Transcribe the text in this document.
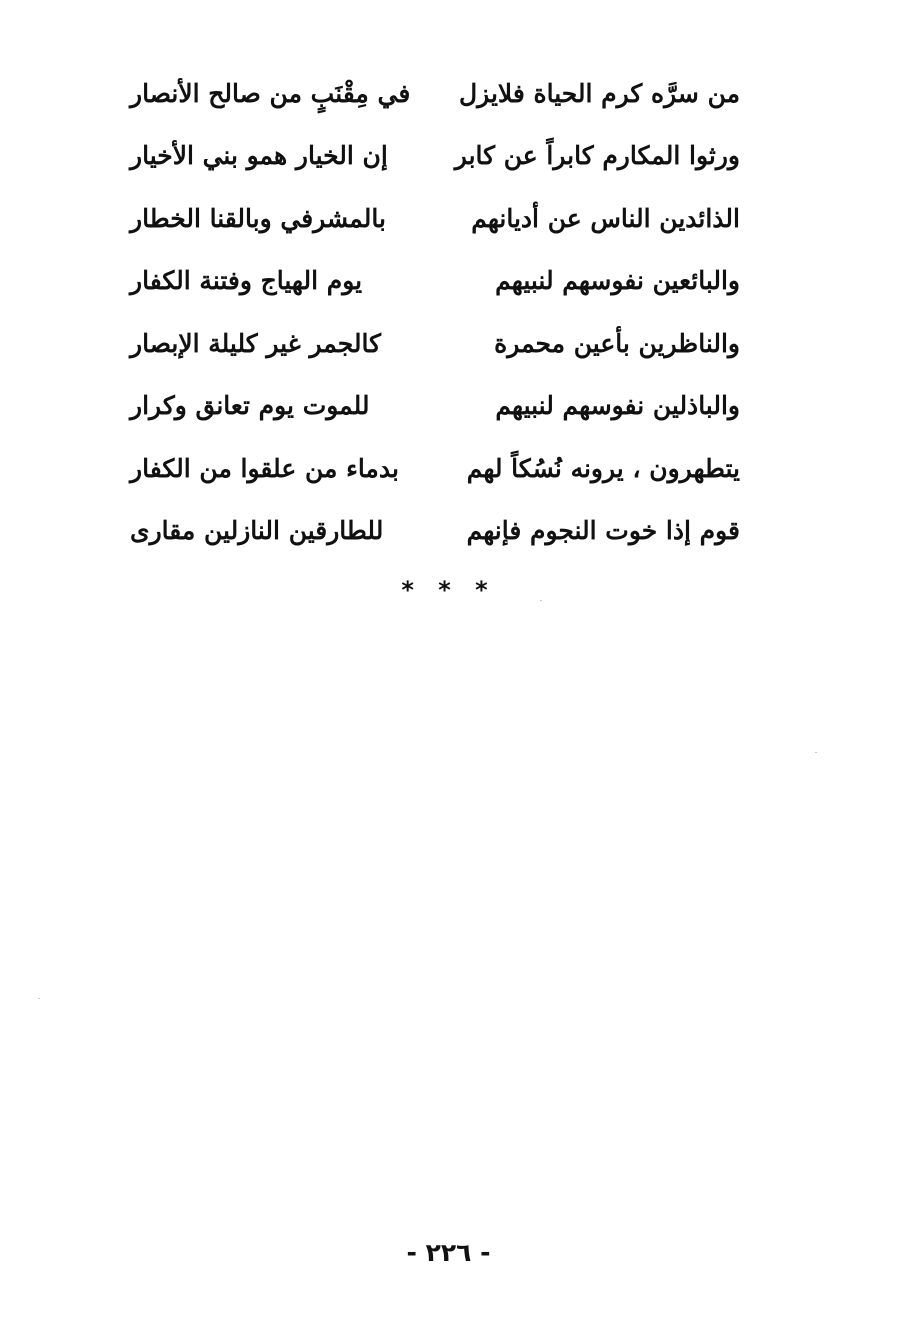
من سرَّه كرم الحياة فلايزل
في مِقْنَبٍ من صالح الأنصار
ورثوا المكارم كابراً عن كابر
إن الخيار همو بني الأخيار
الذائدين الناس عن أديانهم
بالمشرفي وبالقنا الخطار
والبائعين نفوسهم لنبيهم
يوم الهياج وفتنة الكفار
والناظرين بأعين محمرة
كالجمر غير كليلة الإبصار
والباذلين نفوسهم لنبيهم
للموت يوم تعانق وكرار
يتطهرون ، يرونه نُسُكاً لهم
بدماء من علقوا من الكفار
قوم إذا خوت النجوم فإنهم
للطارقين النازلين مقارى
* * *
- ٢٢٦ -
